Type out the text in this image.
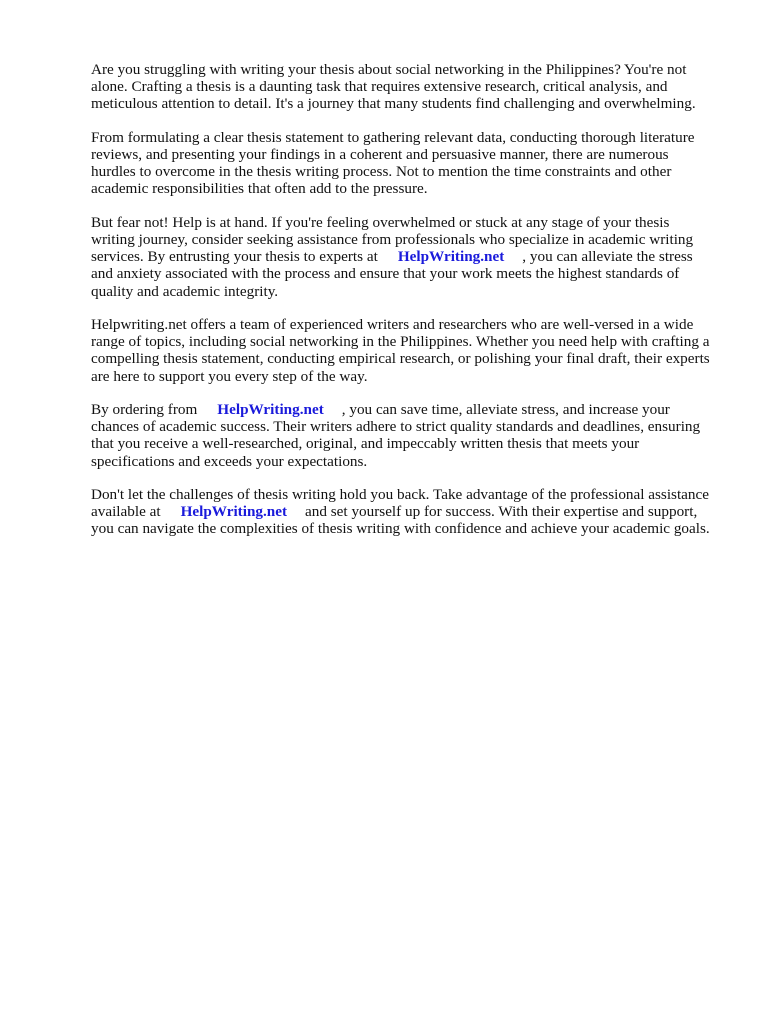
Are you struggling with writing your thesis about social networking in the Philippines? You're not alone. Crafting a thesis is a daunting task that requires extensive research, critical analysis, and meticulous attention to detail. It's a journey that many students find challenging and overwhelming.

From formulating a clear thesis statement to gathering relevant data, conducting thorough literature reviews, and presenting your findings in a coherent and persuasive manner, there are numerous hurdles to overcome in the thesis writing process. Not to mention the time constraints and other academic responsibilities that often add to the pressure.

But fear not! Help is at hand. If you're feeling overwhelmed or stuck at any stage of your thesis writing journey, consider seeking assistance from professionals who specialize in academic writing services. By entrusting your thesis to experts at HelpWriting.net , you can alleviate the stress and anxiety associated with the process and ensure that your work meets the highest standards of quality and academic integrity.

Helpwriting.net offers a team of experienced writers and researchers who are well-versed in a wide range of topics, including social networking in the Philippines. Whether you need help with crafting a compelling thesis statement, conducting empirical research, or polishing your final draft, their experts are here to support you every step of the way.

By ordering from HelpWriting.net , you can save time, alleviate stress, and increase your chances of academic success. Their writers adhere to strict quality standards and deadlines, ensuring that you receive a well-researched, original, and impeccably written thesis that meets your specifications and exceeds your expectations.

Don't let the challenges of thesis writing hold you back. Take advantage of the professional assistance available at HelpWriting.net and set yourself up for success. With their expertise and support, you can navigate the complexities of thesis writing with confidence and achieve your academic goals.
